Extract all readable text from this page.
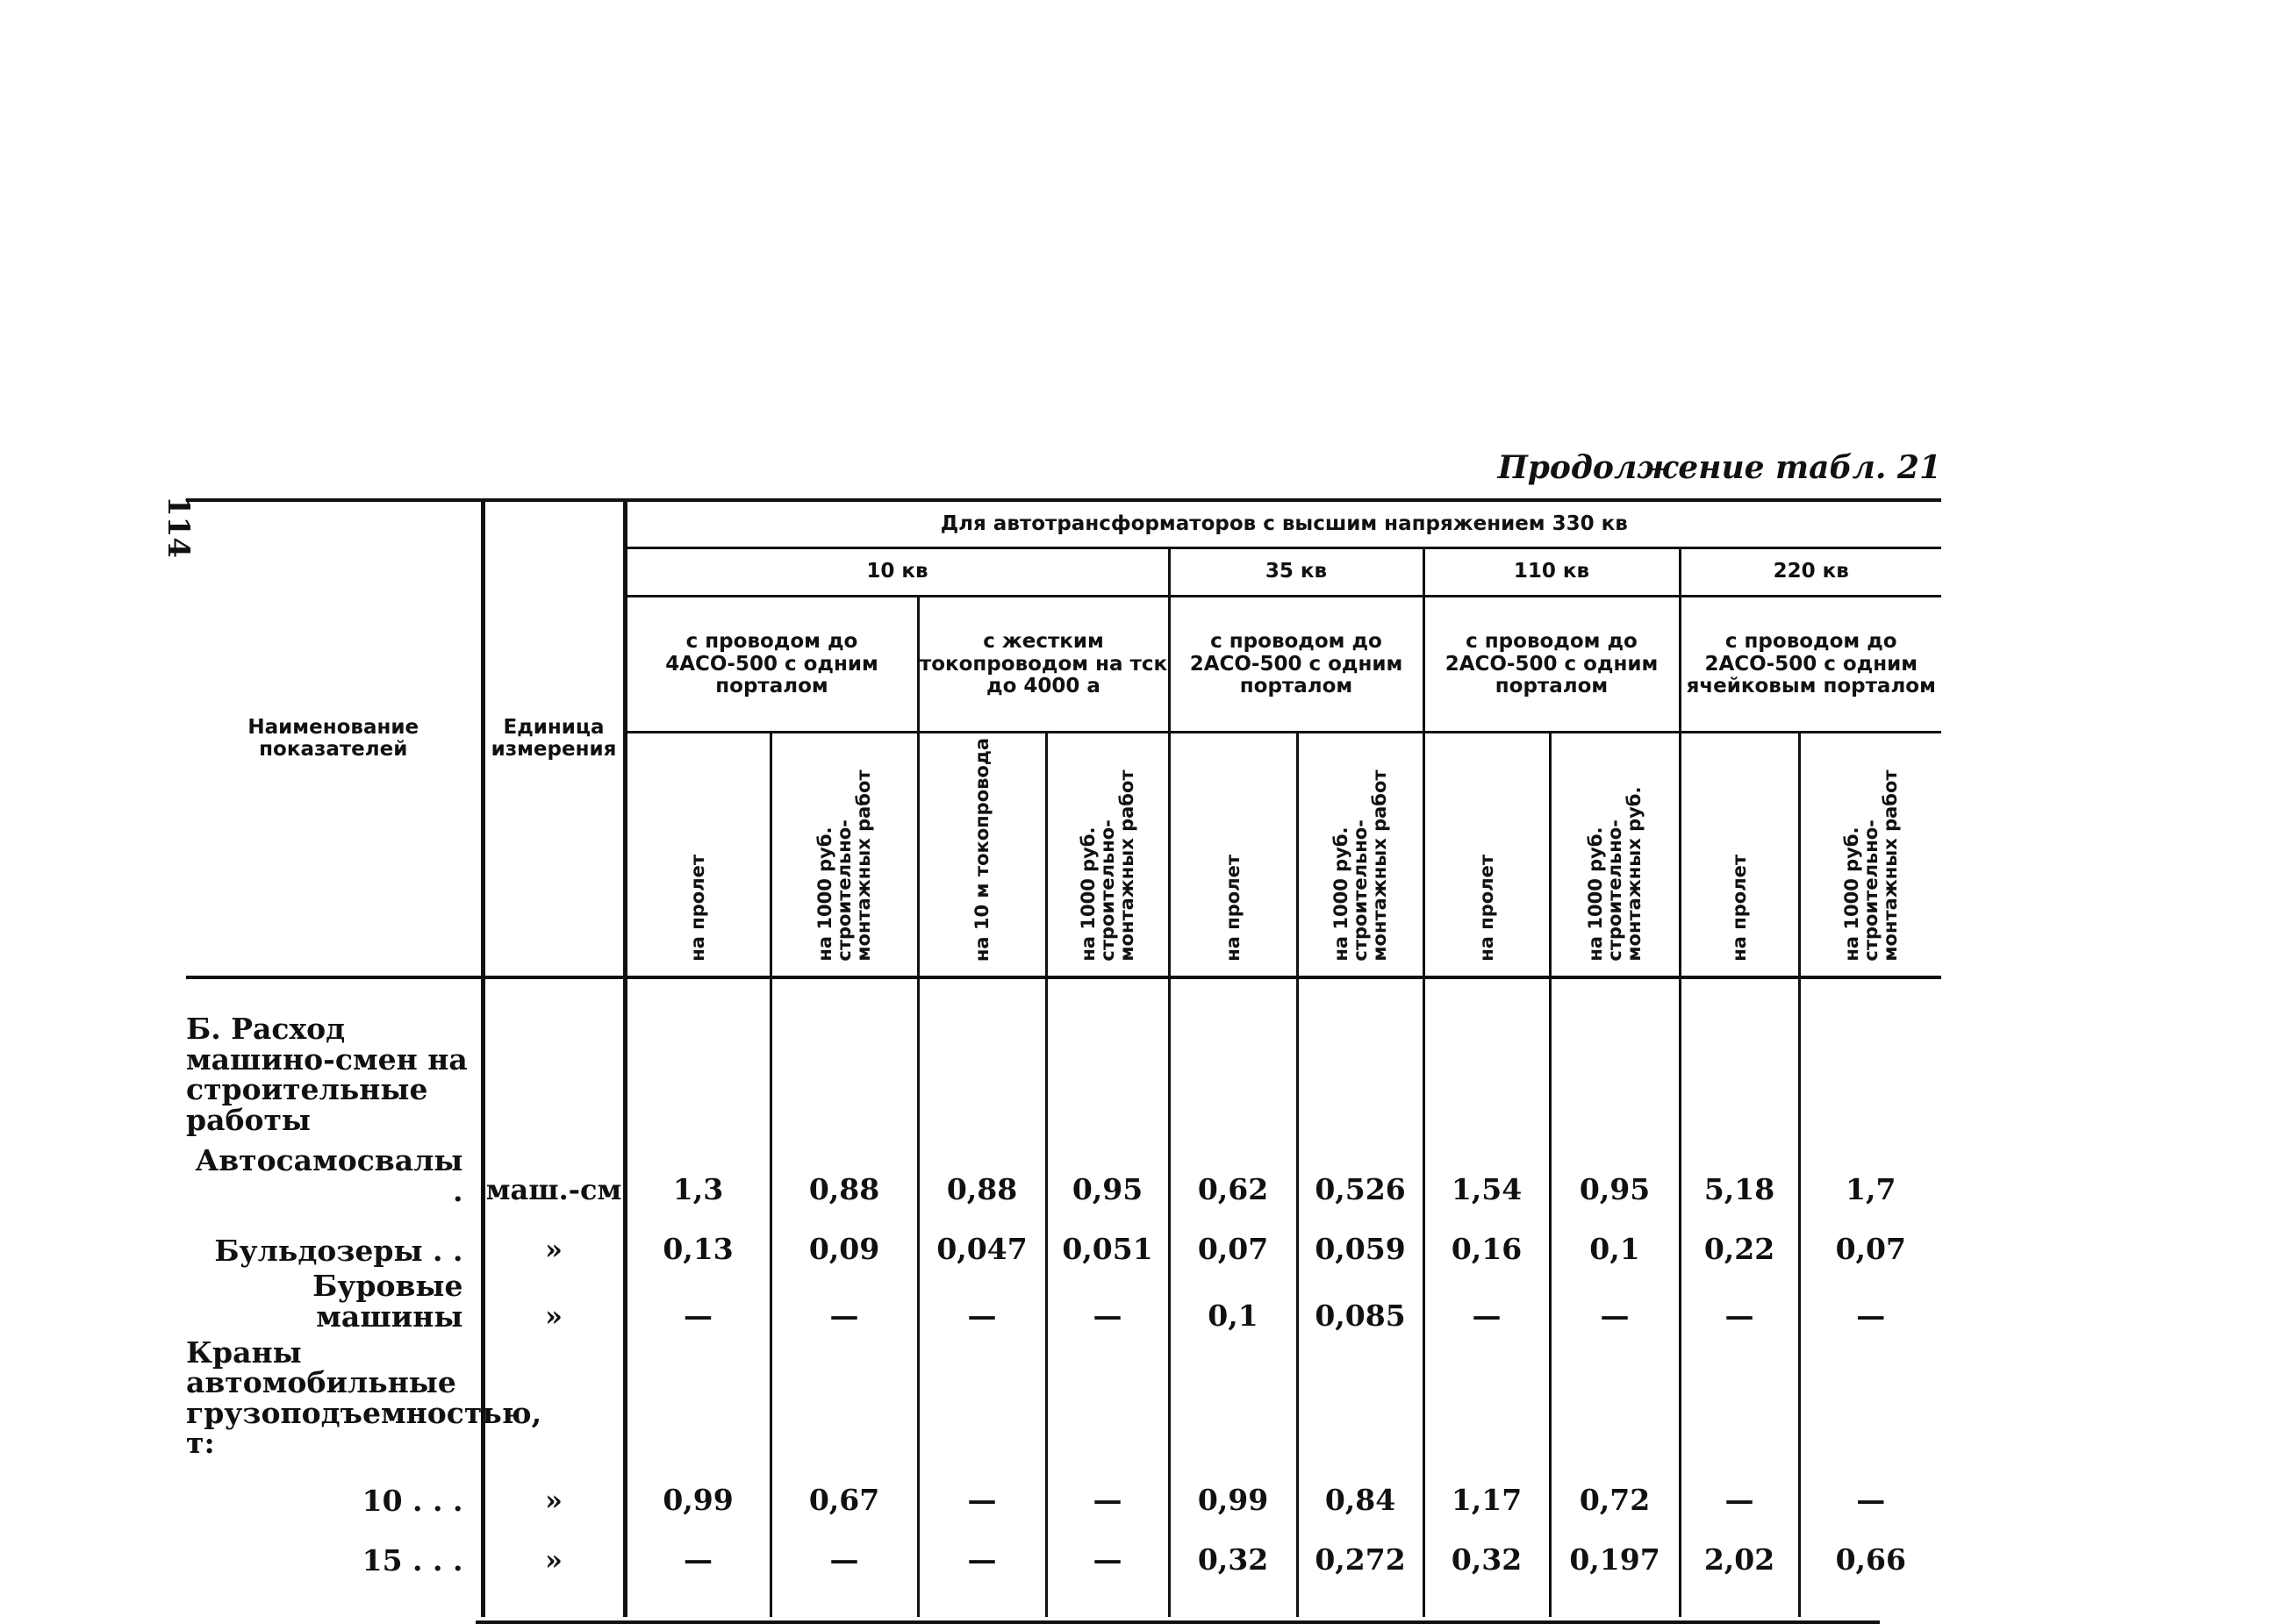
114
Продолжение табл. 21
Наименование показателей	Единица измерения	Для автотрансформаторов с высшим напряжением 330 кв									
		10 кв				35 кв		110 кв		220 кв	
		с проводом до 4АСО-500 с одним порталом		с жестким токопроводом на тск до 4000 а		с проводом до 2АСО-500 с одним порталом		с проводом до 2АСО-500 с одним порталом		с проводом до 2АСО-500 с одним ячейковым порталом	
		на пролет	на 1000 руб. строительно-монтажных работ	на 10 м токопровода	на 1000 руб. строительно-монтажных работ	на пролет	на 1000 руб. строительно-монтажных работ	на пролет	на 1000 руб. строительно-монтажных руб.	на пролет	на 1000 руб. строительно-монтажных работ
Б. Расход машино-смен на строительные работы											
Автосамосвалы .	маш.-см	1,3	0,88	0,88	0,95	0,62	0,526	1,54	0,95	5,18	1,7
Бульдозеры . .	»	0,13	0,09	0,047	0,051	0,07	0,059	0,16	0,1	0,22	0,07
Буровые машины	»	—	—	—	—	0,1	0,085	—	—	—	—
Краны автомобильные грузоподъемностью, т:											
10 . . .	»	0,99	0,67	—	—	0,99	0,84	1,17	0,72	—	—
15 . . .	»	—	—	—	—	0,32	0,272	0,32	0,197	2,02	0,66
